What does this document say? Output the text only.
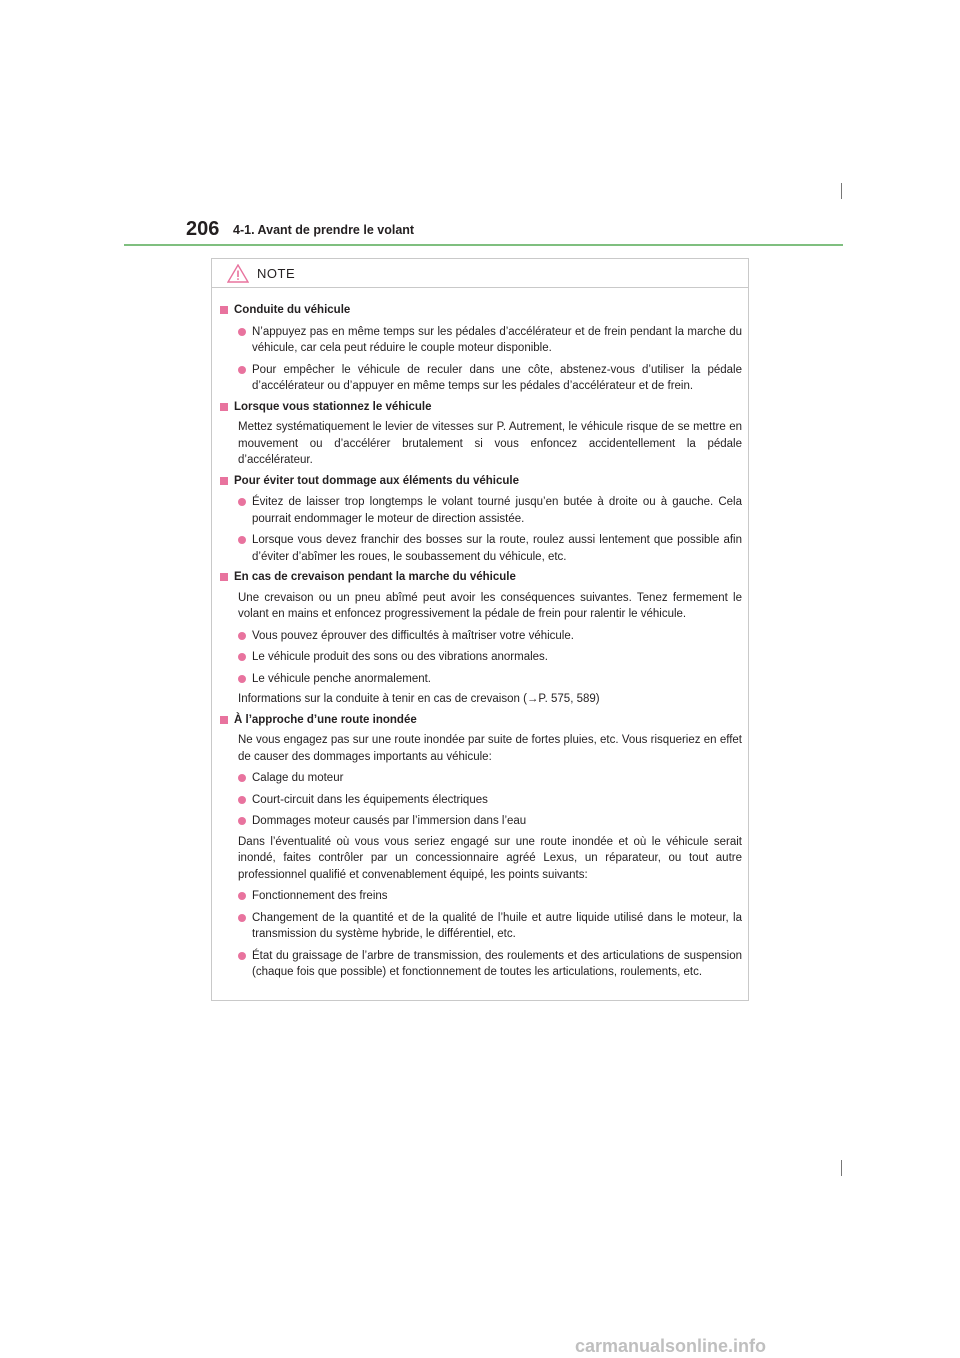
206 4-1. Avant de prendre le volant
NOTE
Conduite du véhicule
N’appuyez pas en même temps sur les pédales d’accélérateur et de frein pendant la marche du véhicule, car cela peut réduire le couple moteur disponible.
Pour empêcher le véhicule de reculer dans une côte, abstenez-vous d’utiliser la pédale d’accélérateur ou d’appuyer en même temps sur les pédales d’accélérateur et de frein.
Lorsque vous stationnez le véhicule
Mettez systématiquement le levier de vitesses sur P. Autrement, le véhicule risque de se mettre en mouvement ou d’accélérer brutalement si vous enfoncez accidentellement la pédale d’accélérateur.
Pour éviter tout dommage aux éléments du véhicule
Évitez de laisser trop longtemps le volant tourné jusqu’en butée à droite ou à gauche. Cela pourrait endommager le moteur de direction assistée.
Lorsque vous devez franchir des bosses sur la route, roulez aussi lentement que possible afin d’éviter d’abîmer les roues, le soubassement du véhicule, etc.
En cas de crevaison pendant la marche du véhicule
Une crevaison ou un pneu abîmé peut avoir les conséquences suivantes. Tenez fermement le volant en mains et enfoncez progressivement la pédale de frein pour ralentir le véhicule.
Vous pouvez éprouver des difficultés à maîtriser votre véhicule.
Le véhicule produit des sons ou des vibrations anormales.
Le véhicule penche anormalement.
Informations sur la conduite à tenir en cas de crevaison (→P. 575, 589)
À l’approche d’une route inondée
Ne vous engagez pas sur une route inondée par suite de fortes pluies, etc. Vous risqueriez en effet de causer des dommages importants au véhicule:
Calage du moteur
Court-circuit dans les équipements électriques
Dommages moteur causés par l’immersion dans l’eau
Dans l’éventualité où vous vous seriez engagé sur une route inondée et où le véhicule serait inondé, faites contrôler par un concessionnaire agréé Lexus, un réparateur, ou tout autre professionnel qualifié et convenablement équipé, les points suivants:
Fonctionnement des freins
Changement de la quantité et de la qualité de l’huile et autre liquide utilisé dans le moteur, la transmission du système hybride, le différentiel, etc.
État du graissage de l’arbre de transmission, des roulements et des articulations de suspension (chaque fois que possible) et fonctionnement de toutes les articulations, roulements, etc.
carmanualsonline.info
